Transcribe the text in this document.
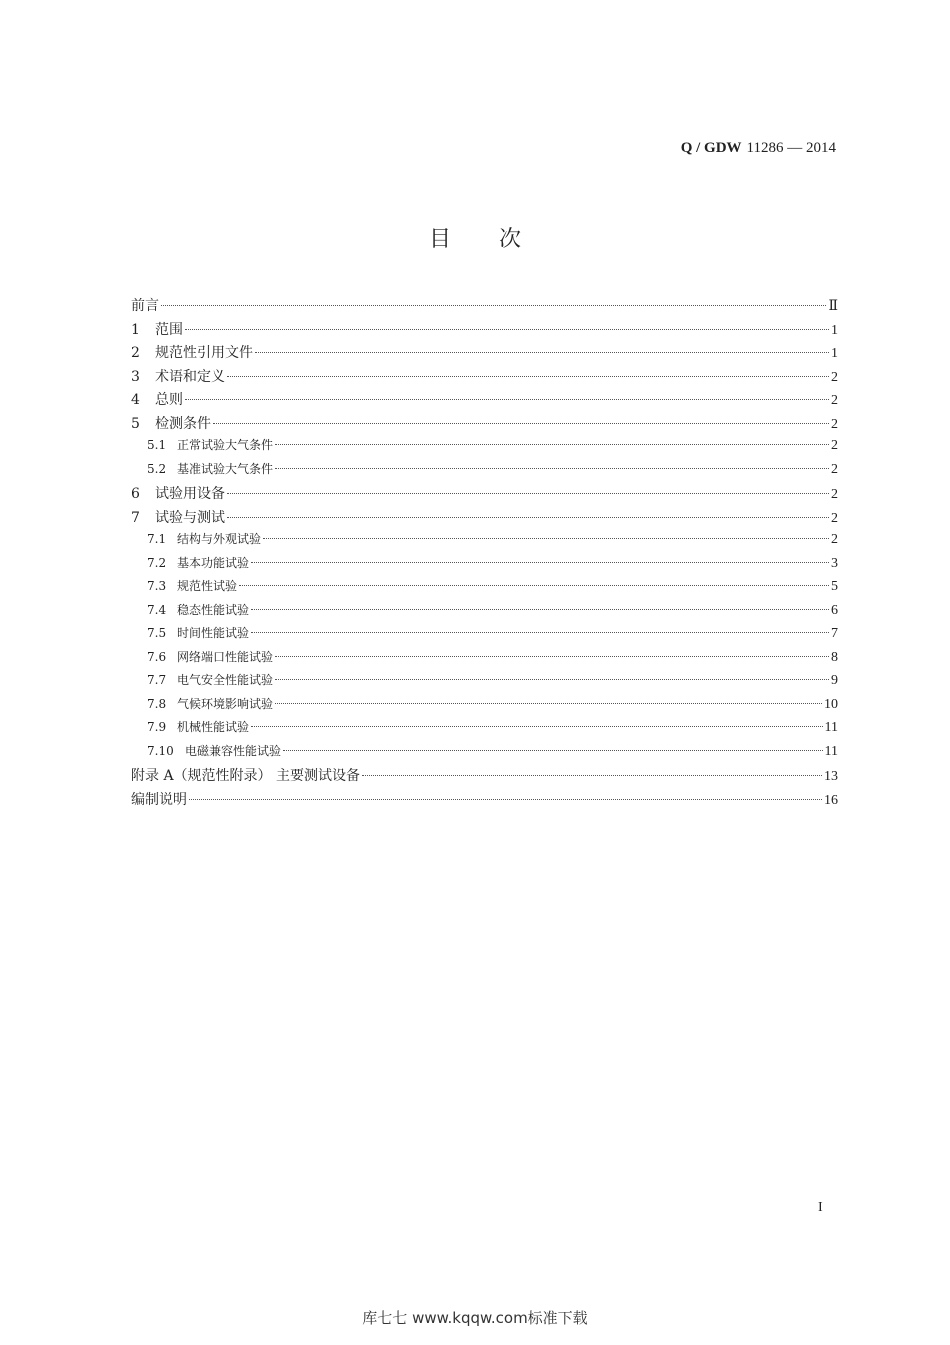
Q / GDW 11286 — 2014
目次
前言	Ⅱ
1	范围	1
2	规范性引用文件	1
3	术语和定义	2
4	总则	2
5	检测条件	2
5.1 正常试验大气条件	2
5.2 基准试验大气条件	2
6	试验用设备	2
7	试验与测试	2
7.1 结构与外观试验	2
7.2 基本功能试验	3
7.3 规范性试验	5
7.4 稳态性能试验	6
7.5 时间性能试验	7
7.6 网络端口性能试验	8
7.7 电气安全性能试验	9
7.8 气候环境影响试验	10
7.9 机械性能试验	11
7.10 电磁兼容性能试验	11
附录 A（规范性附录） 主要测试设备	13
编制说明	16
I
库七七 www.kqqw.com标准下载
